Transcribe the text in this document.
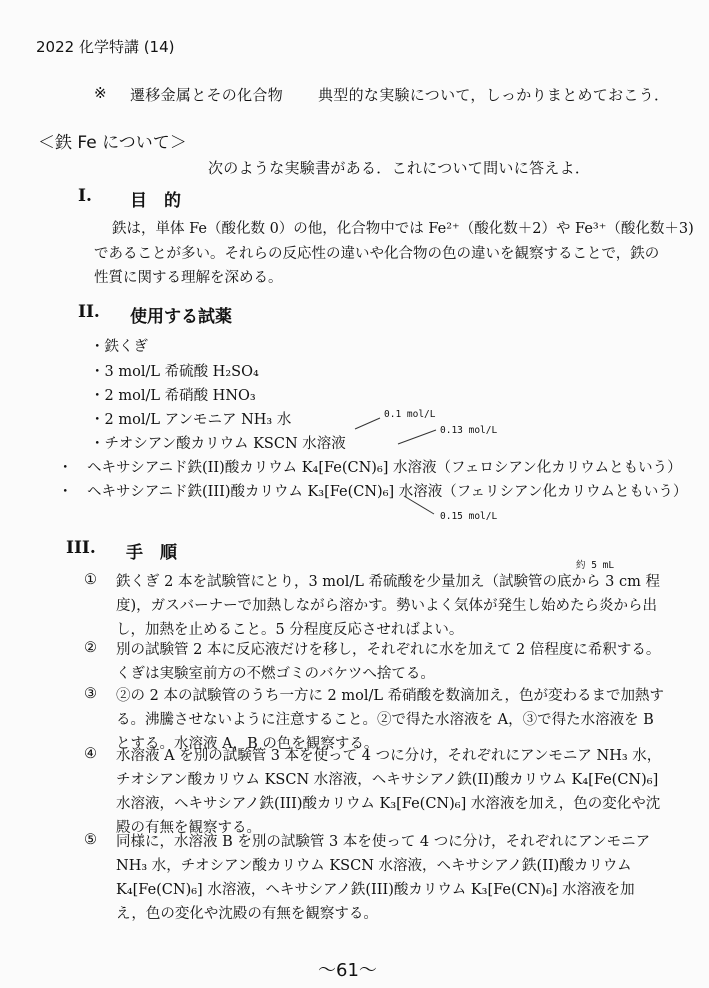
2022 化学特講 (14)
※ 遷移金属とその化合物 典型的な実験について，しっかりまとめておこう．
＜鉄 Fe について＞
次のような実験書がある．これについて問いに答えよ．
I. 目　的
鉄は，単体 Fe（酸化数 0）の他，化合物中では Fe²⁺（酸化数＋2）や Fe³⁺（酸化数＋3)
であることが多い。それらの反応性の違いや化合物の色の違いを観察することで，鉄の
性質に関する理解を深める。
II. 使用する試薬
・鉄くぎ
・3 mol/L 希硫酸 H₂SO₄
・2 mol/L 希硝酸 HNO₃
・2 mol/L アンモニア NH₃ 水
・チオシアン酸カリウム KSCN 水溶液
・　ヘキサシアニド鉄(II)酸カリウム K₄[Fe(CN)₆] 水溶液（フェロシアン化カリウムともいう）
・　ヘキサシアニド鉄(III)酸カリウム K₃[Fe(CN)₆] 水溶液（フェリシアン化カリウムともいう）
0.1 mol/L
0.13 mol/L
0.15 mol/L
III. 手　順
約 5 mL
① 鉄くぎ 2 本を試験管にとり，3 mol/L 希硫酸を少量加え（試験管の底から 3 cm 程度)，ガスバーナーで加熱しながら溶かす。勢いよく気体が発生し始めたら炎から出し，加熱を止めること。5 分程度反応させればよい。
② 別の試験管 2 本に反応液だけを移し，それぞれに水を加えて 2 倍程度に希釈する。くぎは実験室前方の不燃ゴミのバケツへ捨てる。
③ ②の 2 本の試験管のうち一方に 2 mol/L 希硝酸を数滴加え，色が変わるまで加熱する。沸騰させないように注意すること。②で得た水溶液を A，③で得た水溶液を B とする。水溶液 A，B の色を観察する。
④ 水溶液 A を別の試験管 3 本を使って 4 つに分け，それぞれにアンモニア NH₃ 水，チオシアン酸カリウム KSCN 水溶液，ヘキサシアノ鉄(II)酸カリウム K₄[Fe(CN)₆] 水溶液，ヘキサシアノ鉄(III)酸カリウム K₃[Fe(CN)₆] 水溶液を加え，色の変化や沈殿の有無を観察する。
⑤ 同様に，水溶液 B を別の試験管 3 本を使って 4 つに分け，それぞれにアンモニア NH₃ 水，チオシアン酸カリウム KSCN 水溶液，ヘキサシアノ鉄(II)酸カリウム K₄[Fe(CN)₆] 水溶液，ヘキサシアノ鉄(III)酸カリウム K₃[Fe(CN)₆] 水溶液を加え，色の変化や沈殿の有無を観察する。
～61～
